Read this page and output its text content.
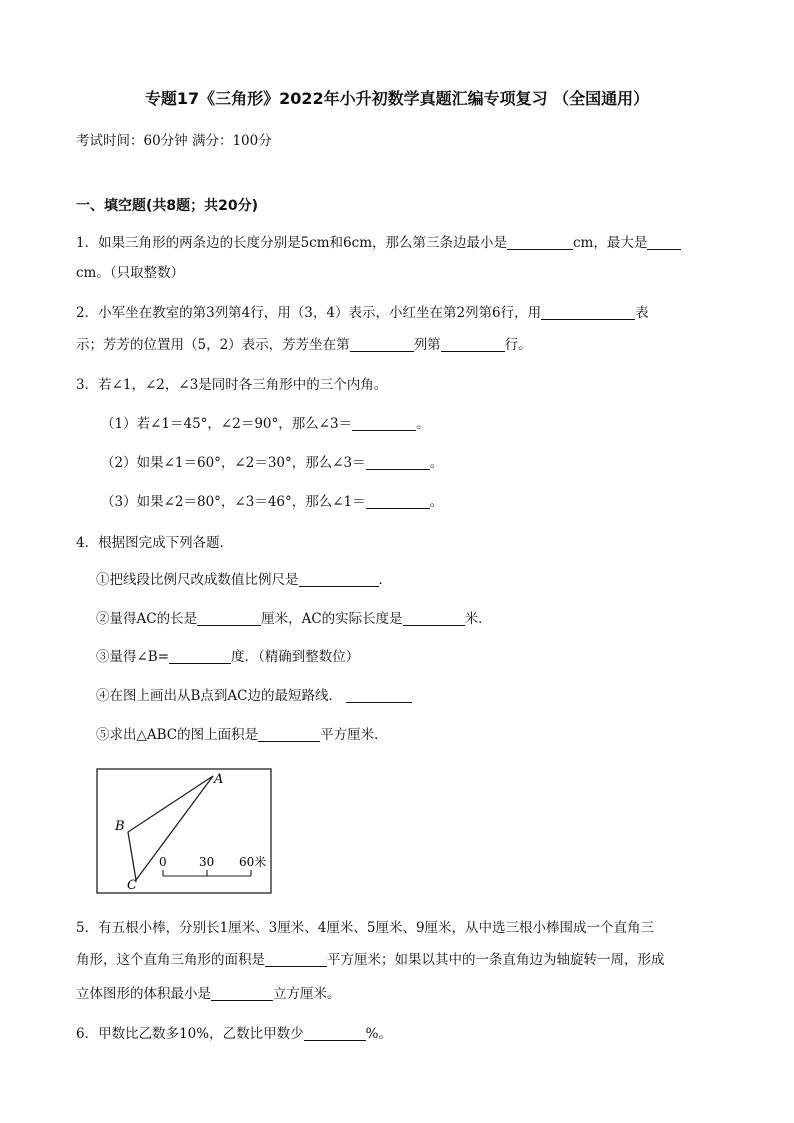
专题17《三角形》2022年小升初数学真题汇编专项复习 （全国通用）
考试时间：60分钟 满分：100分
一、填空题(共8题；共20分)
1．如果三角形的两条边的长度分别是5cm和6cm，那么第三条边最小是	cm，最大是
cm。（只取整数）
2．小军坐在教室的第3列第4行，用（3，4）表示，小红坐在第2列第6行，用	表
示；芳芳的位置用（5，2）表示，芳芳坐在第	列第	行。
3．若∠1，∠2，∠3是同时各三角形中的三个内角。
（1）若∠1＝45°，∠2＝90°，那么∠3＝	。
（2）如果∠1＝60°，∠2＝30°，那么∠3＝	。
（3）如果∠2＝80°，∠3＝46°，那么∠1＝	。
4．根据图完成下列各题．
①把线段比例尺改成数值比例尺是	．
②量得AC的长是	厘米，AC的实际长度是	米．
③量得∠B=	度．（精确到整数位）
④在图上画出从B点到AC边的最短路线．
⑤求出△ABC的图上面积是	平方厘米．
A
B
C
0	30 60米
5．有五根小棒，分别长1厘米、3厘米、4厘米、5厘米、9厘米，从中选三根小棒围成一个直角三
角形，这个直角三角形的面积是	平方厘米；如果以其中的一条直角边为轴旋转一周，形成
立体图形的体积最小是	立方厘米。
6．甲数比乙数多10%，乙数比甲数少	%。
